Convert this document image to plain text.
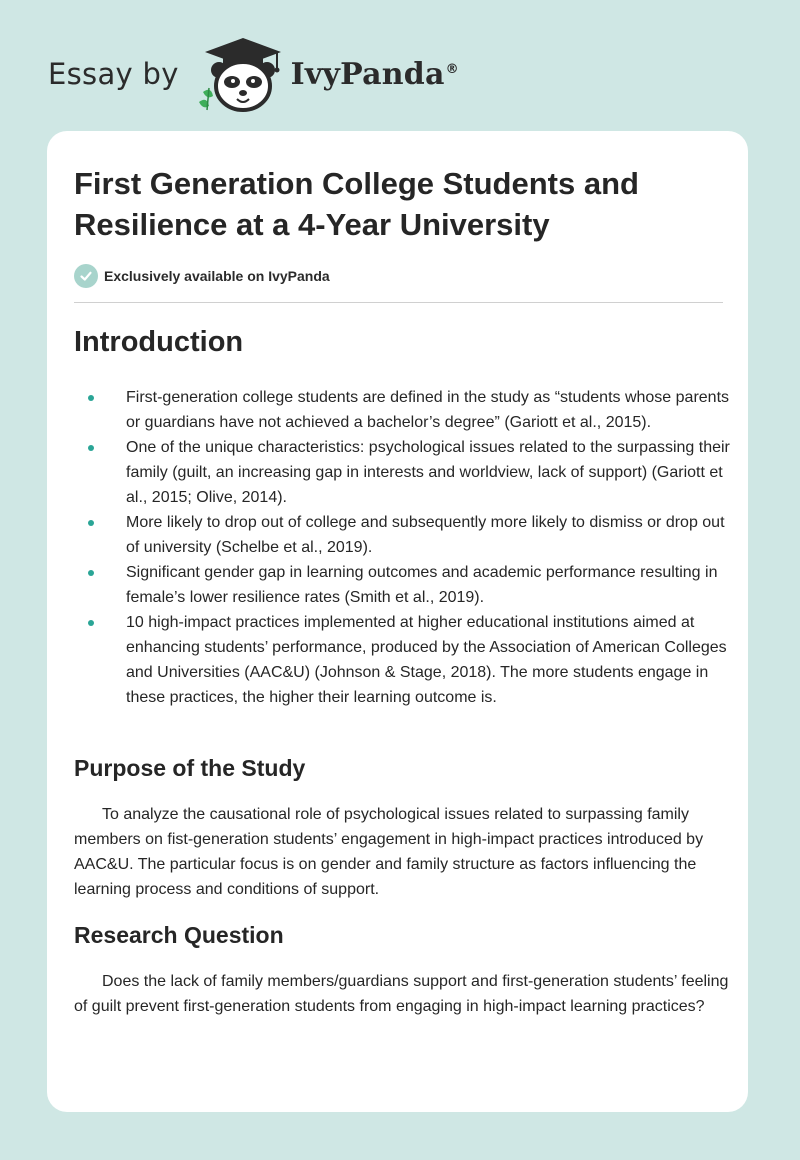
Essay by	IvyPanda®
First Generation College Students and Resilience at a 4-Year University
Exclusively available on IvyPanda
Introduction
First-generation college students are defined in the study as “students whose parents or guardians have not achieved a bachelor’s degree” (Gariott et al., 2015).
One of the unique characteristics: psychological issues related to the surpassing their family (guilt, an increasing gap in interests and worldview, lack of support) (Gariott et al., 2015; Olive, 2014).
More likely to drop out of college and subsequently more likely to dismiss or drop out of university (Schelbe et al., 2019).
Significant gender gap in learning outcomes and academic performance resulting in female’s lower resilience rates (Smith et al., 2019).
10 high-impact practices implemented at higher educational institutions aimed at enhancing students’ performance, produced by the Association of American Colleges and Universities (AAC&U) (Johnson & Stage, 2018). The more students engage in these practices, the higher their learning outcome is.
Purpose of the Study

To analyze the causational role of psychological issues related to surpassing family members on fist-generation students’ engagement in high-impact practices introduced by AAC&U. The particular focus is on gender and family structure as factors influencing the learning process and conditions of support.

Research Question

Does the lack of family members/guardians support and first-generation students’ feeling of guilt prevent first-generation students from engaging in high-impact learning practices?
